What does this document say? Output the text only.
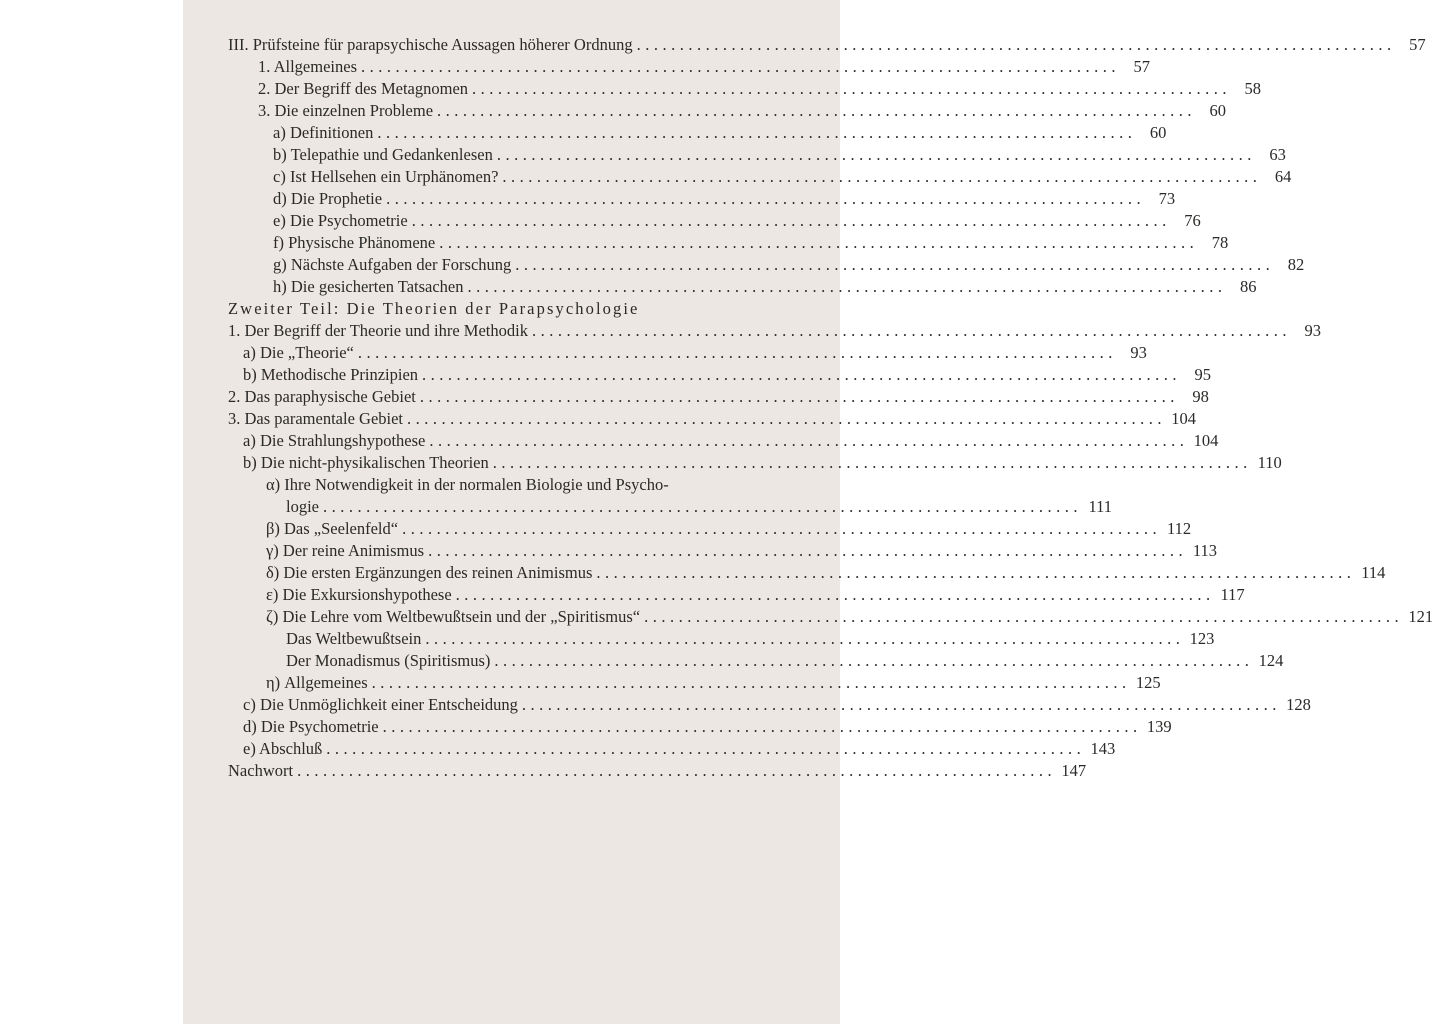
III. Prüfsteine für parapsychische Aussagen höherer Ordnung ........................................................................................ 57
1. Allgemeines ........................................................................................ 57
2. Der Begriff des Metagnomen ........................................................................................ 58
3. Die einzelnen Probleme ........................................................................................ 60
a) Definitionen ........................................................................................ 60
b) Telepathie und Gedankenlesen ........................................................................................ 63
c) Ist Hellsehen ein Urphänomen? ........................................................................................ 64
d) Die Prophetie ........................................................................................ 73
e) Die Psychometrie ........................................................................................ 76
f) Physische Phänomene ........................................................................................ 78
g) Nächste Aufgaben der Forschung ........................................................................................ 82
h) Die gesicherten Tatsachen ........................................................................................ 86
Zweiter Teil: Die Theorien der Parapsychologie
1. Der Begriff der Theorie und ihre Methodik ........................................................................................ 93
a) Die „Theorie“ ........................................................................................ 93
b) Methodische Prinzipien ........................................................................................ 95
2. Das paraphysische Gebiet ........................................................................................ 98
3. Das paramentale Gebiet ........................................................................................ 104
a) Die Strahlungshypothese ........................................................................................ 104
b) Die nicht-physikalischen Theorien ........................................................................................ 110
α) Ihre Notwendigkeit in der normalen Biologie und Psycho-
logie ........................................................................................ 111
β) Das „Seelenfeld“ ........................................................................................ 112
γ) Der reine Animismus ........................................................................................ 113
δ) Die ersten Ergänzungen des reinen Animismus ........................................................................................ 114
ε) Die Exkursionshypothese ........................................................................................ 117
ζ) Die Lehre vom Weltbewußtsein und der „Spiritismus“ ........................................................................................ 121
Das Weltbewußtsein ........................................................................................ 123
Der Monadismus (Spiritismus) ........................................................................................ 124
η) Allgemeines ........................................................................................ 125
c) Die Unmöglichkeit einer Entscheidung ........................................................................................ 128
d) Die Psychometrie ........................................................................................ 139
e) Abschluß ........................................................................................ 143
Nachwort ........................................................................................ 147
